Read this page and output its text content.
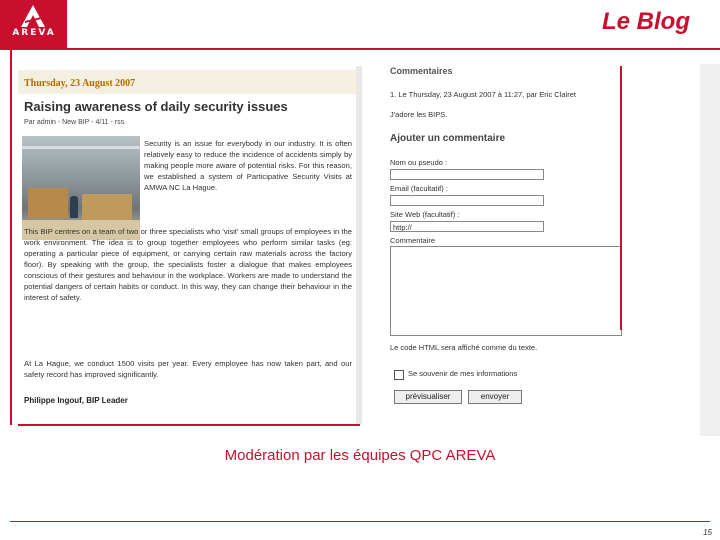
AREVA	Le Blog
Thursday, 23 August 2007
Raising awareness of daily security issues
Par admin - New BIP - 4/11 - rss
Security is an issue for everybody in our industry. It is often relatively easy to reduce the incidence of accidents simply by making people more aware of potential risks. For this reason, we established a system of Participative Security Visits at AMWA NC La Hague.
This BIP centres on a team of two or three specialists who 'visit' small groups of employees in the work environment. The idea is to group together employees who perform similar tasks (eg: operating a particular piece of equipment, or carrying certain raw materials across the factory floor). By speaking with the group, the specialists foster a dialogue that makes employees conscious of their gestures and behaviour in the workplace. Workers are made to understand the potential dangers of certain habits or conduct. In this way, they can change their behaviour in the interest of safety.
At La Hague, we conduct 1500 visits per year. Every employee has now taken part, and our safety record has improved significantly.
Philippe Ingouf, BIP Leader
Commentaires
1. Le Thursday, 23 August 2007 à 11:27, par Eric Clairet
J'adore les BIPS.
Ajouter un commentaire
Nom ou pseudo :
Email (facultatif) :
Site Web (facultatif) :
http://
Commentaire
Le code HTML sera affiché comme du texte.
Se souvenir de mes informations
prévisualiser	envoyer
Modération par les équipes QPC AREVA
15
